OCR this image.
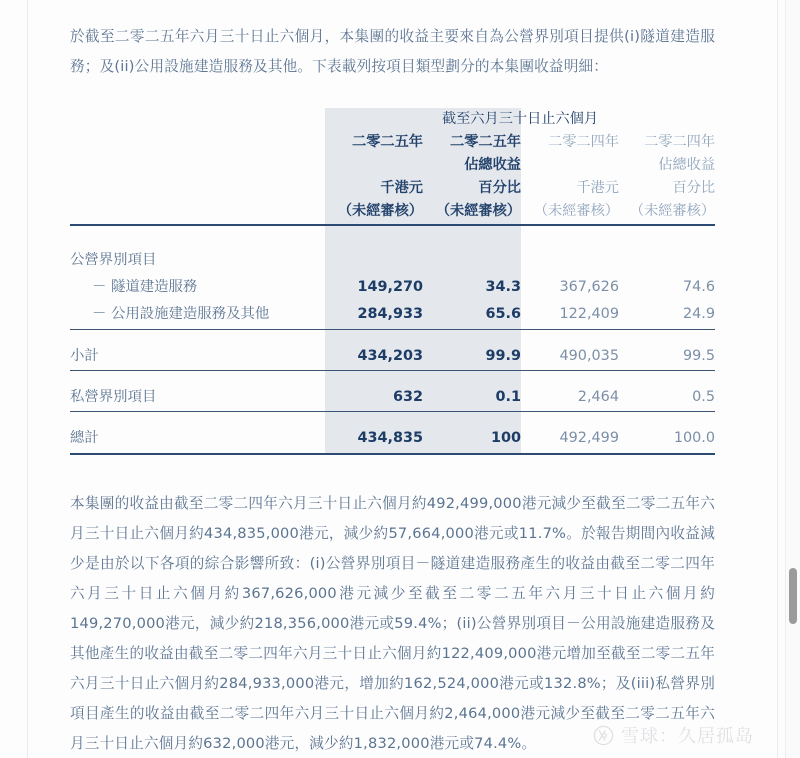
於截至二零二五年六月三十日止六個月，本集團的收益主要來自為公營界別項目提供(i)隧道建造服務；及(ii)公用設施建造服務及其他。下表載列按項目類型劃分的本集團收益明細：

	截至六月三十日止六個月			
	二零二五年	二零二五年	二零二四年	二零二四年
		佔總收益		佔總收益
	千港元	百分比	千港元	百分比
	（未經審核）	（未經審核）	（未經審核）	（未經審核）

公營界別項目				
－ 隧道建造服務	149,270	34.3	367,626	74.6
－ 公用設施建造服務及其他	284,933	65.6	122,409	24.9

小計	434,203	99.9	490,035	99.5

私營界別項目	632	0.1	2,464	0.5

總計	434,835	100	492,499	100.0

本集團的收益由截至二零二四年六月三十日止六個月約492,499,000港元減少至截至二零二五年六月三十日止六個月約434,835,000港元，減少約57,664,000港元或11.7%。於報告期間內收益減少是由於以下各項的綜合影響所致：(i)公營界別項目－隧道建造服務產生的收益由截至二零二四年六月三十日止六個月約367,626,000港元減少至截至二零二五年六月三十日止六個月約149,270,000港元，減少約218,356,000港元或59.4%；(ii)公營界別項目－公用設施建造服務及其他產生的收益由截至二零二四年六月三十日止六個月約122,409,000港元增加至截至二零二五年六月三十日止六個月約284,933,000港元，增加約162,524,000港元或132.8%；及(iii)私營界別項目產生的收益由截至二零二四年六月三十日止六個月約2,464,000港元減少至截至二零二五年六月三十日止六個月約632,000港元，減少約1,832,000港元或74.4%。	雪球：久居孤岛
